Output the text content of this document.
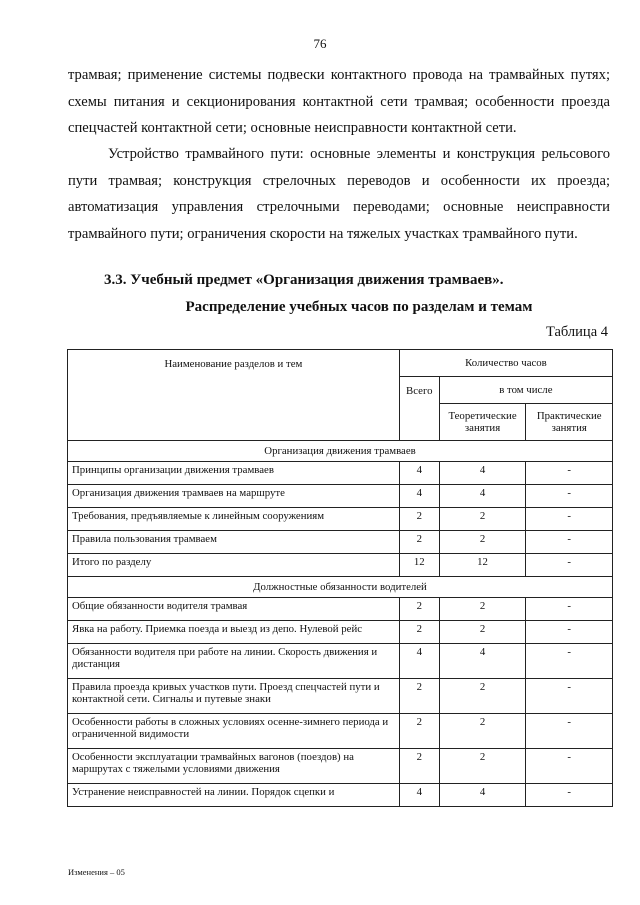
76

трамвая; применение системы подвески контактного провода на трамвайных путях; схемы питания и секционирования контактной сети трамвая; особенности проезда спецчастей контактной сети; основные неисправности контактной сети.

Устройство трамвайного пути: основные элементы и конструкция рельсового пути трамвая; конструкция стрелочных переводов и особенности их проезда; автоматизация управления стрелочными переводами; основные неисправности трамвайного пути; ограничения скорости на тяжелых участках трамвайного пути.

3.3. Учебный предмет «Организация движения трамваев».
Распределение учебных часов по разделам и темам
Таблица 4
Наименование разделов и тем	Количество часов		
	Всего	в том числе	
		Теоретические занятия	Практические занятия
Организация движения трамваев			
Принципы организации движения трамваев	4	4	-
Организация движения трамваев на маршруте	4	4	-
Требования, предъявляемые к линейным сооружениям	2	2	-
Правила пользования трамваем	2	2	-
Итого по разделу	12	12	-
Должностные обязанности водителей			
Общие обязанности водителя трамвая	2	2	-
Явка на работу. Приемка поезда и выезд из депо. Нулевой рейс	2	2	-
Обязанности водителя при работе на линии. Скорость движения и дистанция	4	4	-
Правила проезда кривых участков пути. Проезд спецчастей пути и контактной сети. Сигналы и путевые знаки	2	2	-
Особенности работы в сложных условиях осенне-зимнего периода и ограниченной видимости	2	2	-
Особенности эксплуатации трамвайных вагонов (поездов) на маршрутах с тяжелыми условиями движения	2	2	-
Устранение неисправностей на линии. Порядок сцепки и	4	4	-
Изменения – 05
